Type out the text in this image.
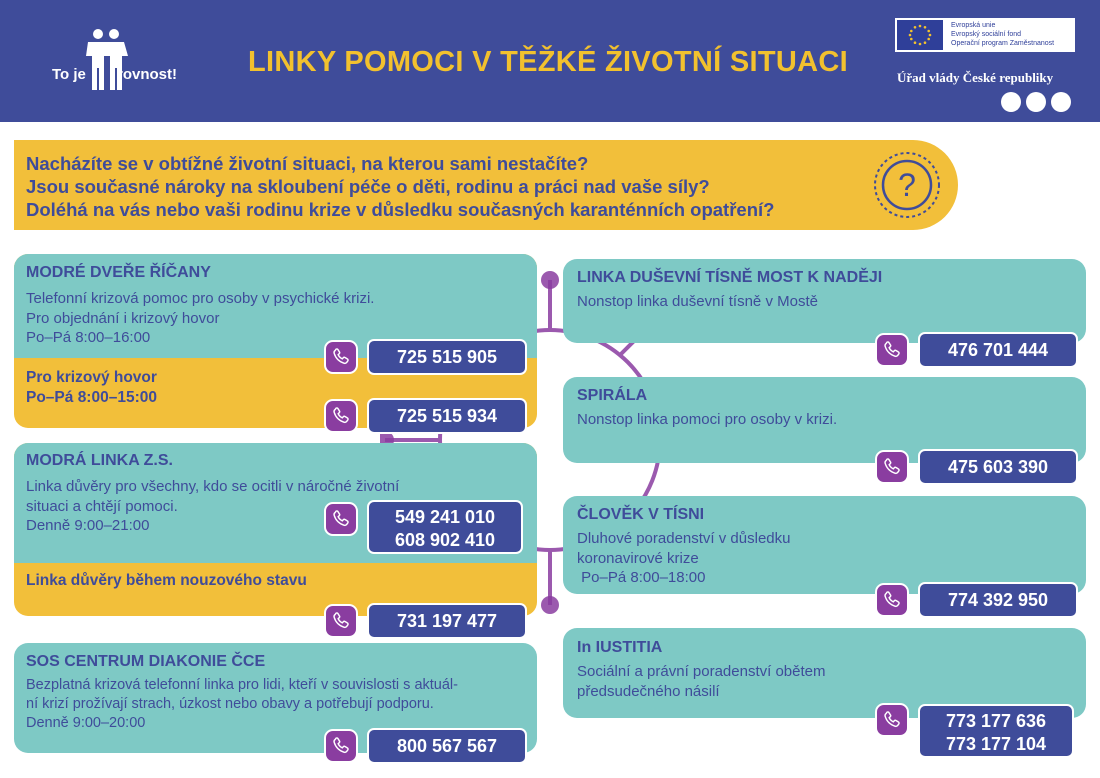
To je rovnost! LINKY POMOCI V TĚŽKÉ ŽIVOTNÍ SITUACI
Evropská unie
Evropský sociální fond
Operační program Zaměstnanost
Úřad vlády České republiky
Nacházíte se v obtížné životní situaci, na kterou sami nestačíte?
Jsou současné nároky na skloubení péče o děti, rodinu a práci nad vaše síly?
Doléhá na vás nebo vaši rodinu krize v důsledku současných karanténních opatření?
?
MODRÉ DVEŘE ŘÍČANY
Telefonní krizová pomoc pro osoby v psychické krizi.
Pro objednání i krizový hovor
Po–Pá 8:00–16:00
Pro krizový hovor
Po–Pá 8:00–15:00
725 515 905
725 515 934
MODRÁ LINKA Z.S.
Linka důvěry pro všechny, kdo se ocitli v náročné životní
situaci a chtějí pomoci.
Denně 9:00–21:00
Linka důvěry během nouzového stavu
549 241 010
608 902 410
731 197 477
SOS CENTRUM DIAKONIE ČCE
Bezplatná krizová telefonní linka pro lidi, kteří v souvislosti s aktuál-
ní krizí prožívají strach, úzkost nebo obavy a potřebují podporu.
Denně 9:00–20:00
800 567 567
LINKA DUŠEVNÍ TÍSNĚ MOST K NADĚJI
Nonstop linka duševní tísně v Mostě
476 701 444
SPIRÁLA
Nonstop linka pomoci pro osoby v krizi.
475 603 390
ČLOVĚK V TÍSNI
Dluhové poradenství v důsledku
koronavirové krize
Po–Pá 8:00–18:00
774 392 950
In IUSTITIA
Sociální a právní poradenství obětem
předsudečného násilí
773 177 636
773 177 104
